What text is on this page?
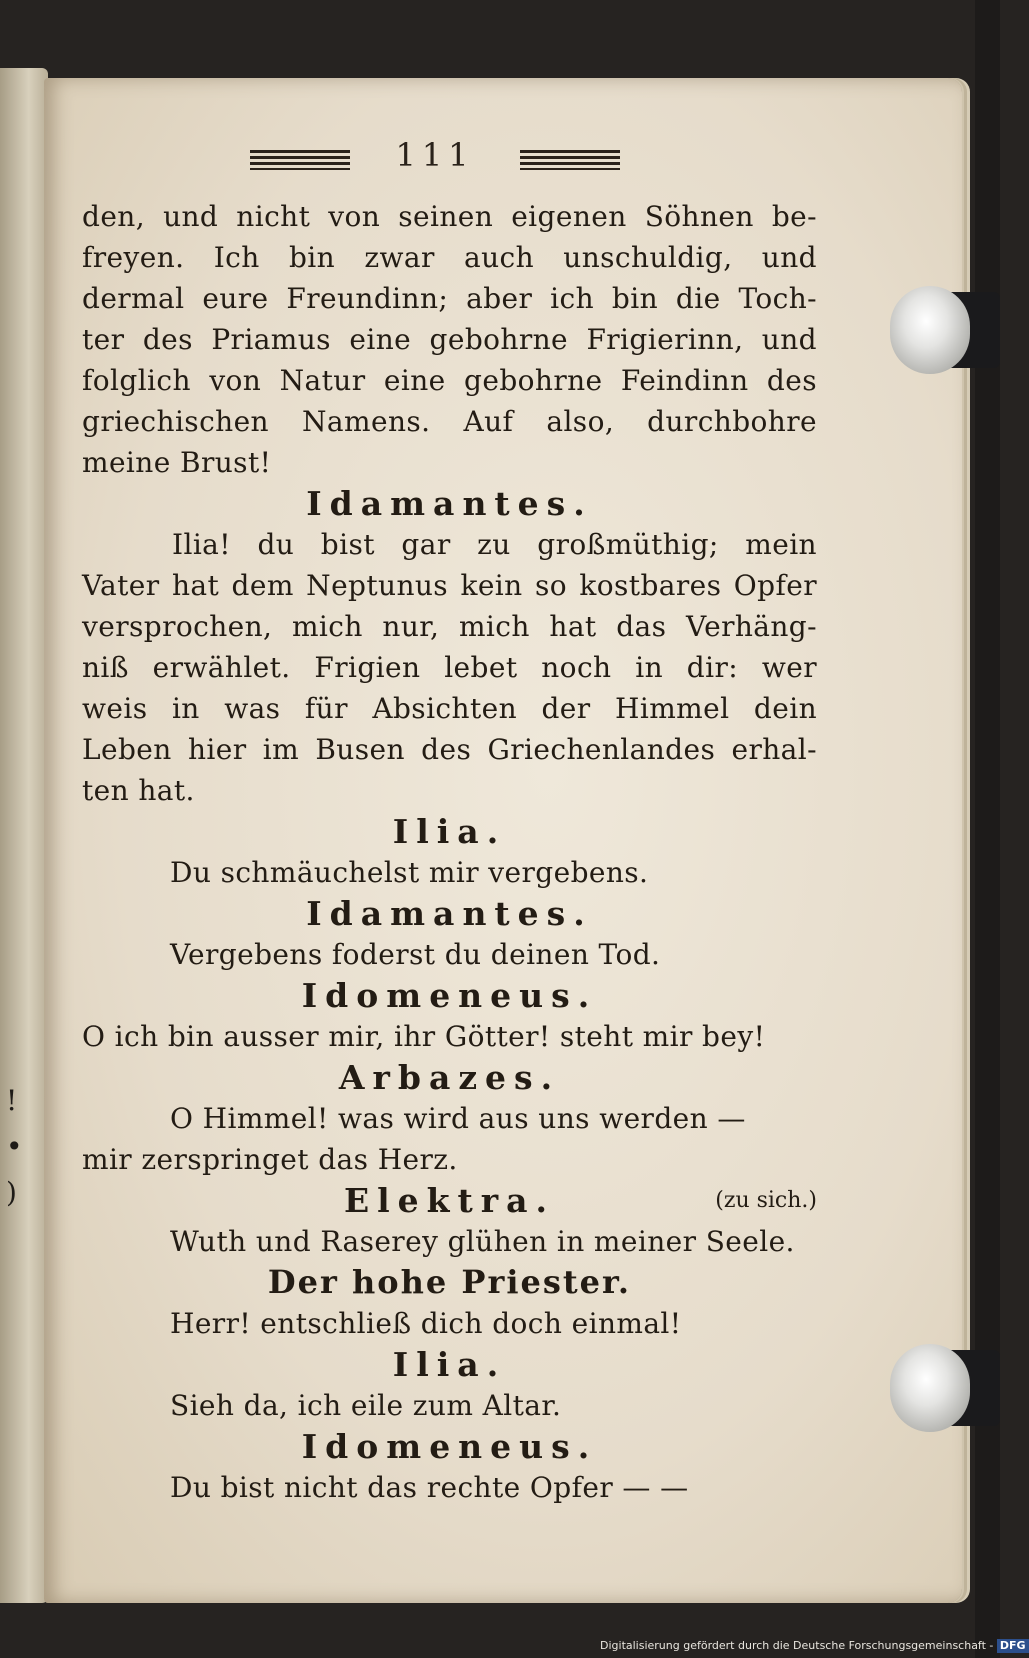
!
•
)
111
den, und nicht von seinen eigenen Söhnen be-
freyen. Ich bin zwar auch unschuldig, und
dermal eure Freundinn; aber ich bin die Toch-
ter des Priamus eine gebohrne Frigierinn, und
folglich von Natur eine gebohrne Feindinn des
griechischen Namens. Auf also, durchbohre
meine Brust!
Idamantes.
Ilia! du bist gar zu großmüthig; mein
Vater hat dem Neptunus kein so kostbares Opfer
versprochen, mich nur, mich hat das Verhäng-
niß erwählet. Frigien lebet noch in dir: wer
weis in was für Absichten der Himmel dein
Leben hier im Busen des Griechenlandes erhal-
ten hat.
Ilia.
Du schmäuchelst mir vergebens.
Idamantes.
Vergebens foderst du deinen Tod.
Idomeneus.
O ich bin ausser mir, ihr Götter! steht mir bey!
Arbazes.
O Himmel! was wird aus uns werden —
mir zerspringet das Herz.
Elektra.	(zu sich.)
Wuth und Raserey glühen in meiner Seele.
Der hohe Priester.
Herr! entschließ dich doch einmal!
Ilia.
Sieh da, ich eile zum Altar.
Idomeneus.
Du bist nicht das rechte Opfer — —
Digitalisierung gefördert durch die Deutsche Forschungsgemeinschaft - DFG
